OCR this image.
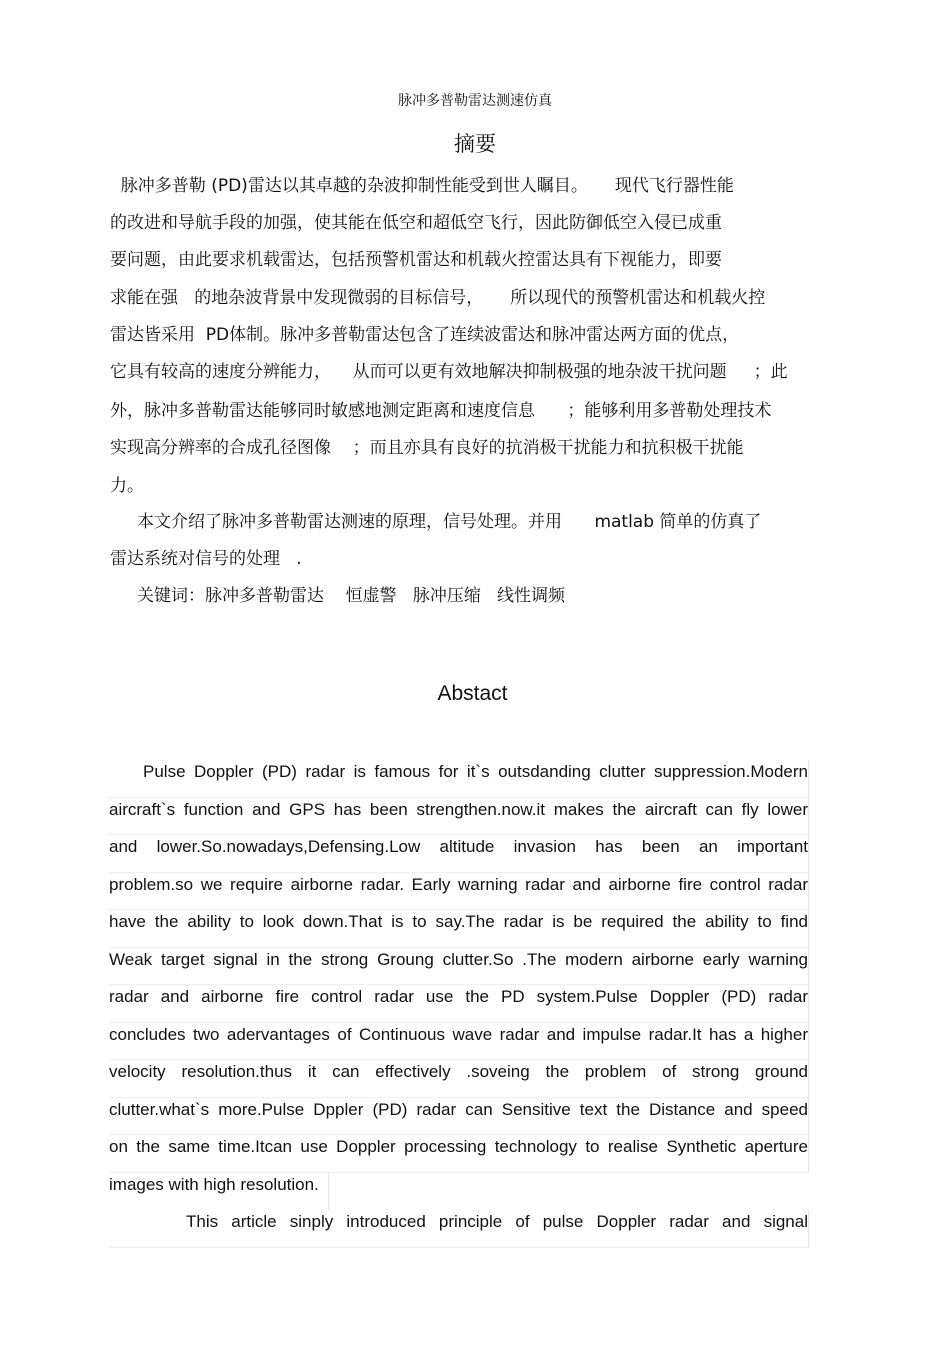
脉冲多普勒雷达测速仿真
摘要
脉冲多普勒 (PD)雷达以其卓越的杂波抑制性能受到世人瞩目。     现代飞行器性能
的改进和导航手段的加强，使其能在低空和超低空飞行，因此防御低空入侵已成重
要问题，由此要求机载雷达，包括预警机雷达和机载火控雷达具有下视能力，即要
求能在强   的地杂波背景中发现微弱的目标信号，     所以现代的预警机雷达和机载火控
雷达皆采用  PD体制。脉冲多普勒雷达包含了连续波雷达和脉冲雷达两方面的优点，
它具有较高的速度分辨能力，    从而可以更有效地解决抑制极强的地杂波干扰问题     ；此
外，脉冲多普勒雷达能够同时敏感地测定距离和速度信息      ；能够利用多普勒处理技术
实现高分辨率的合成孔径图像    ；而且亦具有良好的抗消极干扰能力和抗积极干扰能
力。
本文介绍了脉冲多普勒雷达测速的原理，信号处理。并用      matlab 简单的仿真了
雷达系统对信号的处理   .
关键词：脉冲多普勒雷达    恒虚警   脉冲压缩   线性调频
Abstact
Pulse Doppler (PD) radar is famous for it`s outsdanding clutter suppression.Modern
aircraft`s function and GPS has been strengthen.now.it makes the aircraft can fly lower
and lower.So.nowadays,Defensing.Low altitude invasion has been an important
problem.so we require airborne radar. Early warning radar and airborne fire control radar
have the ability to look down.That is to say.The radar is be required the ability to find
Weak target signal in the strong Groung clutter.So .The modern airborne early warning
radar and airborne fire control radar use the PD system.Pulse Doppler (PD) radar
concludes two adervantages of Continuous wave radar and impulse radar.It has a higher
velocity resolution.thus it can effectively .soveing the problem of strong ground
clutter.what`s more.Pulse Dppler (PD) radar can Sensitive text the Distance and speed
on the same time.Itcan use Doppler processing technology to realise Synthetic aperture
images with high resolution.
This article sinply introduced principle of pulse Doppler radar and signal
